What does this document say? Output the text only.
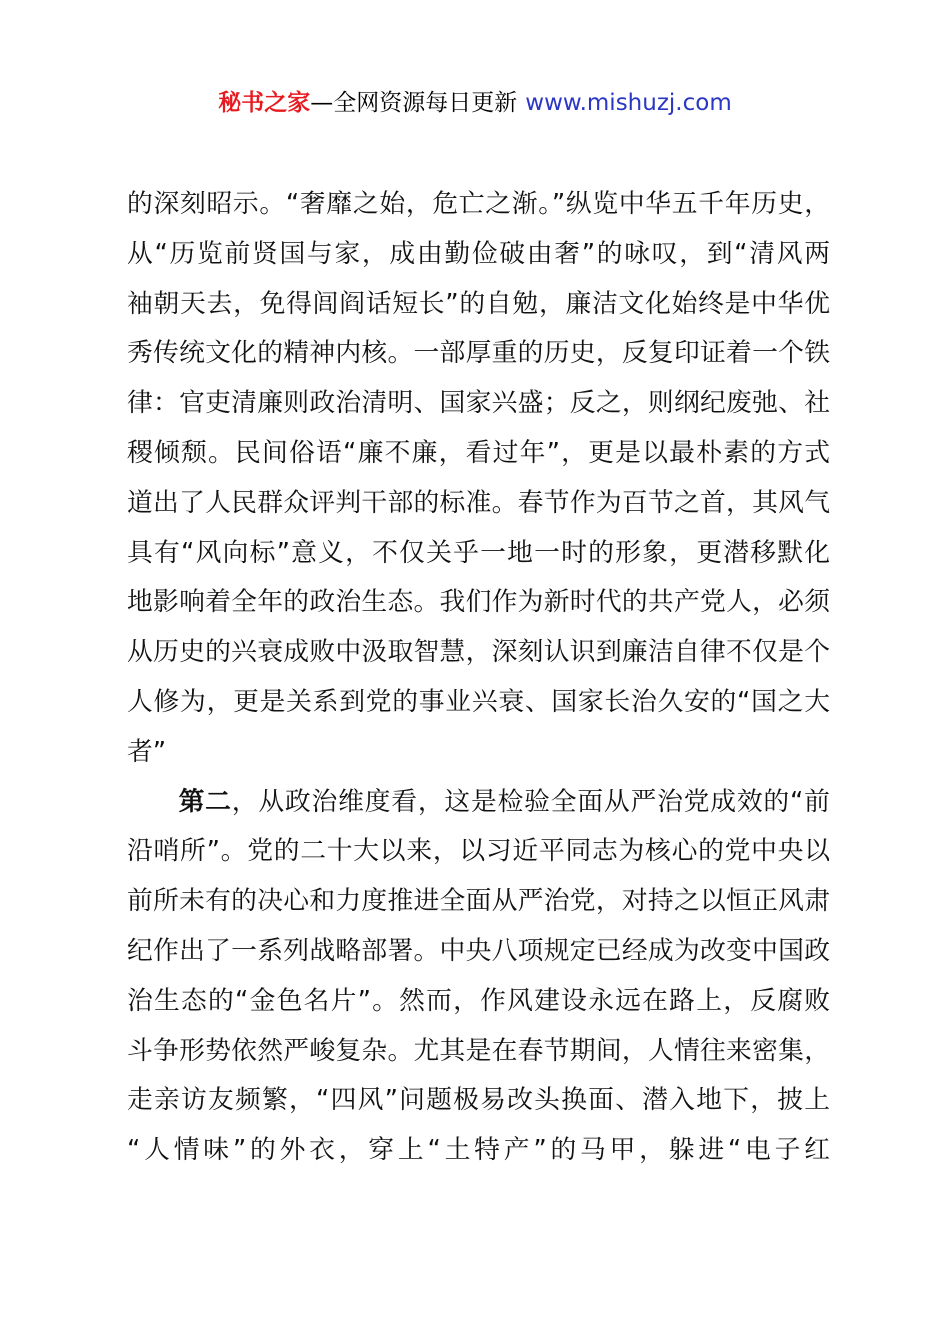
秘书之家—全网资源每日更新 www.mishuzj.com
的深刻昭示。“奢靡之始，危亡之渐。”纵览中华五千年历史，
从“历览前贤国与家，成由勤俭破由奢”的咏叹，到“清风两
袖朝天去，免得闾阎话短长”的自勉，廉洁文化始终是中华优
秀传统文化的精神内核。一部厚重的历史，反复印证着一个铁
律：官吏清廉则政治清明、国家兴盛；反之，则纲纪废弛、社
稷倾颓。民间俗语“廉不廉，看过年”，更是以最朴素的方式
道出了人民群众评判干部的标准。春节作为百节之首，其风气
具有“风向标”意义，不仅关乎一地一时的形象，更潜移默化
地影响着全年的政治生态。我们作为新时代的共产党人，必须
从历史的兴衰成败中汲取智慧，深刻认识到廉洁自律不仅是个
人修为，更是关系到党的事业兴衰、国家长治久安的“国之大
者”
第二，从政治维度看，这是检验全面从严治党成效的“前
沿哨所”。党的二十大以来，以习近平同志为核心的党中央以
前所未有的决心和力度推进全面从严治党，对持之以恒正风肃
纪作出了一系列战略部署。中央八项规定已经成为改变中国政
治生态的“金色名片”。然而，作风建设永远在路上，反腐败
斗争形势依然严峻复杂。尤其是在春节期间，人情往来密集，
走亲访友频繁，“四风”问题极易改头换面、潜入地下，披上
“人情味”的外衣，穿上“土特产”的马甲，躲进“电子红
